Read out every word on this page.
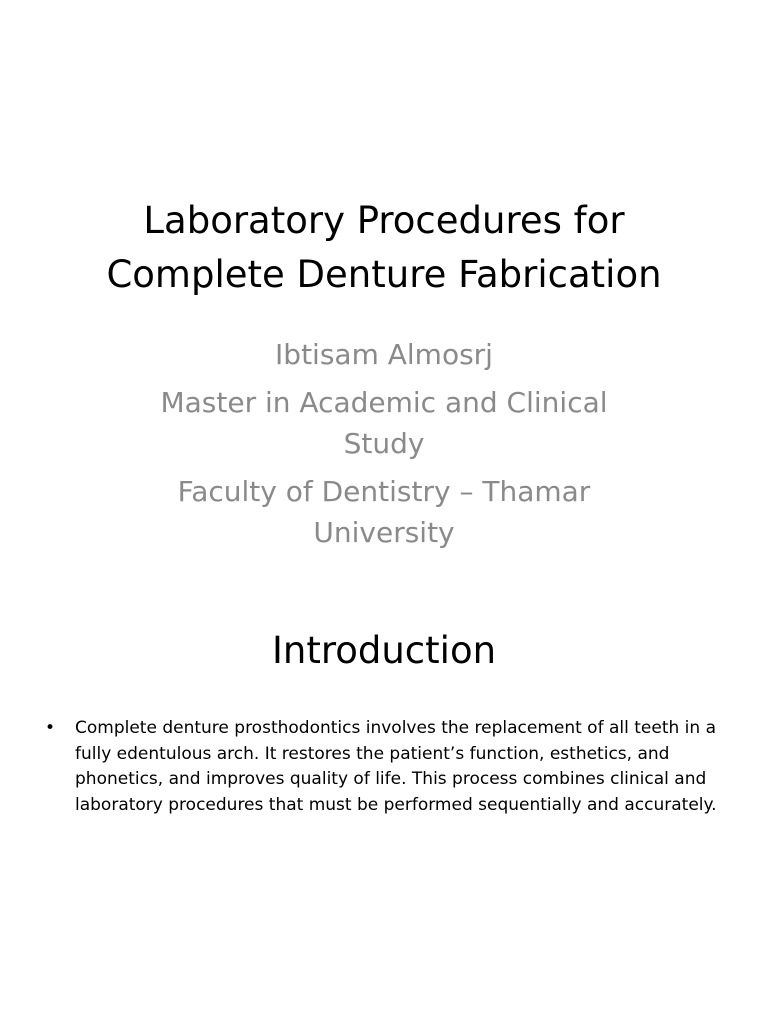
Laboratory Procedures for
Complete Denture Fabrication

Ibtisam Almosrj

Master in Academic and Clinical Study

Faculty of Dentistry – Thamar University

Introduction
• Complete denture prosthodontics involves the replacement of all teeth in a fully edentulous arch. It restores the patient’s function, esthetics, and phonetics, and improves quality of life. This process combines clinical and laboratory procedures that must be performed sequentially and accurately.
